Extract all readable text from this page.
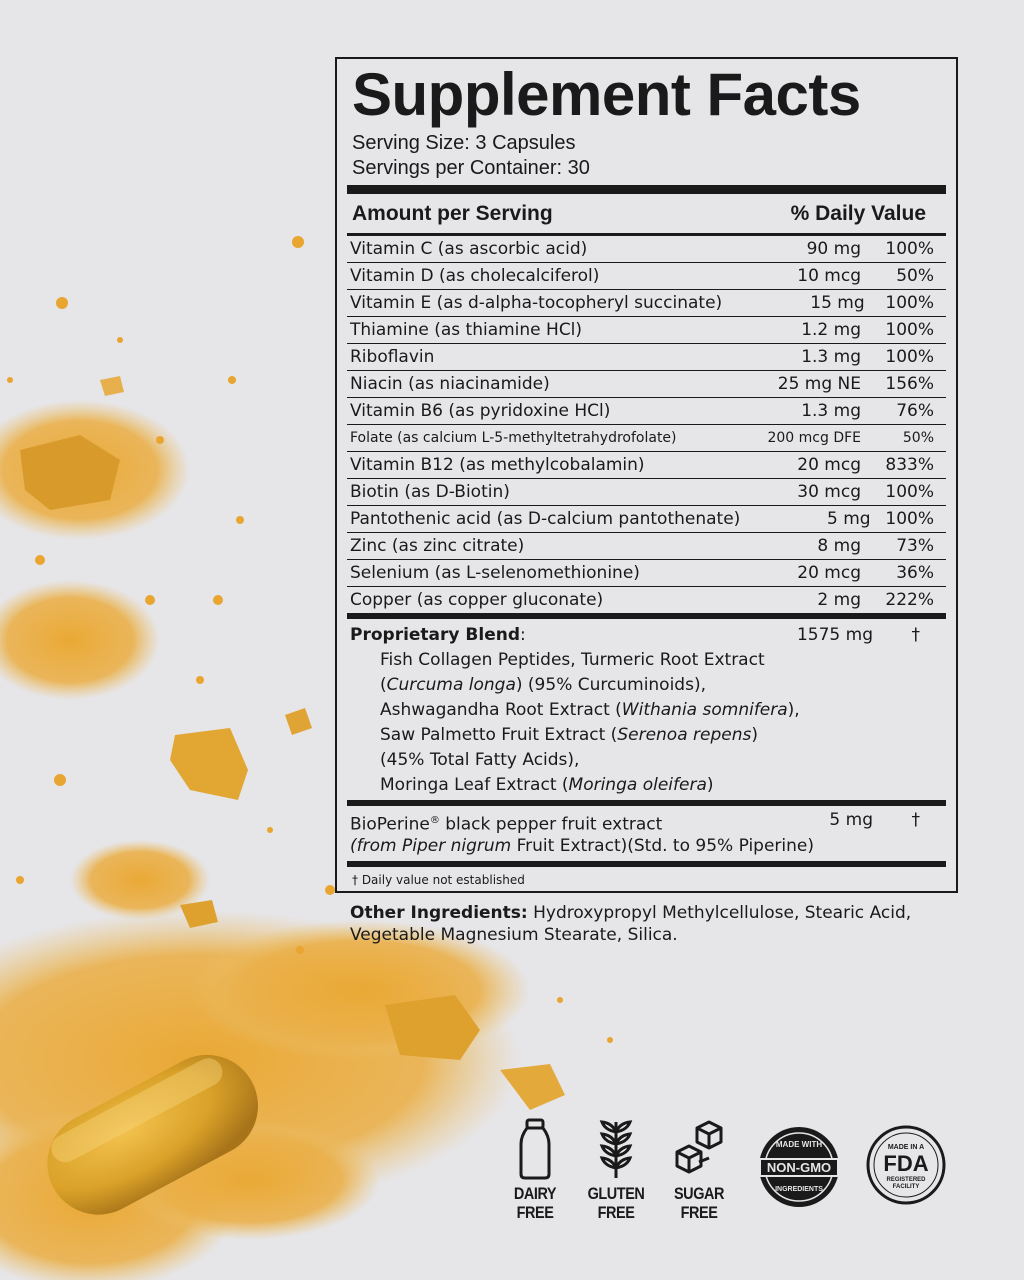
Supplement Facts
Serving Size: 3 Capsules
Servings per Container: 30
Amount per Serving	% Daily Value
Vitamin C (as ascorbic acid)	90 mg	100%
Vitamin D (as cholecalciferol)	10 mcg	50%
Vitamin E (as d-alpha-tocopheryl succinate)	15 mg	100%
Thiamine (as thiamine HCl)	1.2 mg	100%
Riboflavin	1.3 mg	100%
Niacin (as niacinamide)	25 mg NE	156%
Vitamin B6 (as pyridoxine HCl)	1.3 mg	76%
Folate (as calcium L-5-methyltetrahydrofolate)	200 mcg DFE	50%
Vitamin B12 (as methylcobalamin)	20 mcg	833%
Biotin (as D-Biotin)	30 mcg	100%
Pantothenic acid (as D-calcium pantothenate)	5 mg 100%
Zinc (as zinc citrate)	8 mg	73%
Selenium (as L-selenomethionine)	20 mcg	36%
Copper (as copper gluconate)	2 mg	222%
Proprietary Blend:	1575 mg	†
Fish Collagen Peptides, Turmeric Root Extract
(Curcuma longa) (95% Curcuminoids),
Ashwagandha Root Extract (Withania somnifera),
Saw Palmetto Fruit Extract (Serenoa repens)
(45% Total Fatty Acids),
Moringa Leaf Extract (Moringa oleifera)
BioPerine® black pepper fruit extract	5 mg	†
(from Piper nigrum Fruit Extract)(Std. to 95% Piperine)
† Daily value not established
Other Ingredients: Hydroxypropyl Methylcellulose, Stearic Acid, Vegetable Magnesium Stearate, Silica.
DAIRY
FREE
GLUTEN
FREE
SUGAR
FREE
MADE WITH
NON-GMO
INGREDIENTS
MADE IN A
FDA
REGISTERED
FACILITY
